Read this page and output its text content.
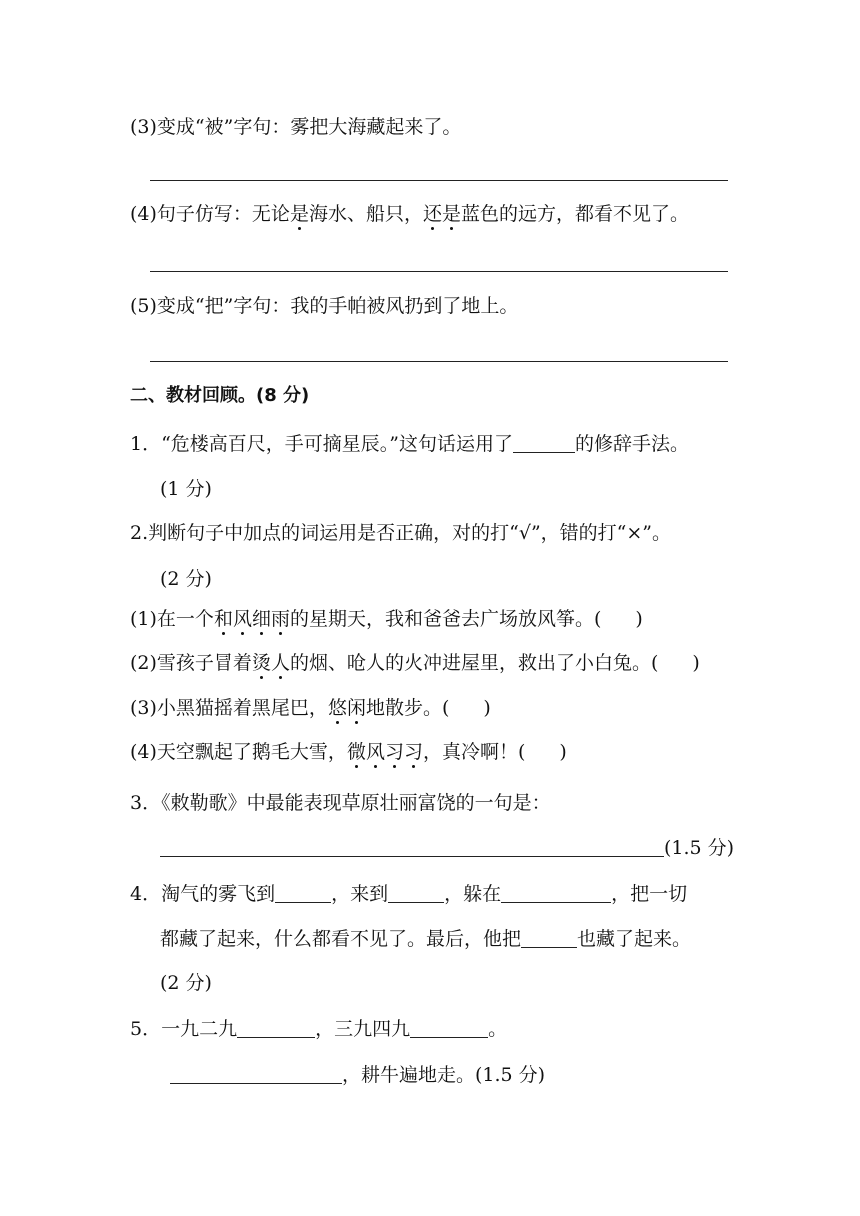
(3)变成“被”字句：雾把大海藏起来了。
(4)句子仿写：无论是海水、船只，还是蓝色的远方，都看不见了。
(5)变成“把”字句：我的手帕被风扔到了地上。
二、教材回顾。(8 分)
1．“危楼高百尺，手可摘星辰。”这句话运用了	的修辞手法。
(1 分)
2.判断句子中加点的词运用是否正确，对的打“√”，错的打“×”。
(2 分)
(1)在一个和风细雨的星期天，我和爸爸去广场放风筝。( )
(2)雪孩子冒着烫人的烟、呛人的火冲进屋里，救出了小白兔。( )
(3)小黑猫摇着黑尾巴，悠闲地散步。( )
(4)天空飘起了鹅毛大雪，微风习习，真冷啊！( )
3．《敕勒歌》中最能表现草原壮丽富饶的一句是：
(1.5 分)
4．淘气的雾飞到	，来到	，躲在	，把一切
都藏了起来，什么都看不见了。最后，他把	也藏了起来。
(2 分)
5．一九二九	，三九四九	。
，耕牛遍地走。(1.5 分)
